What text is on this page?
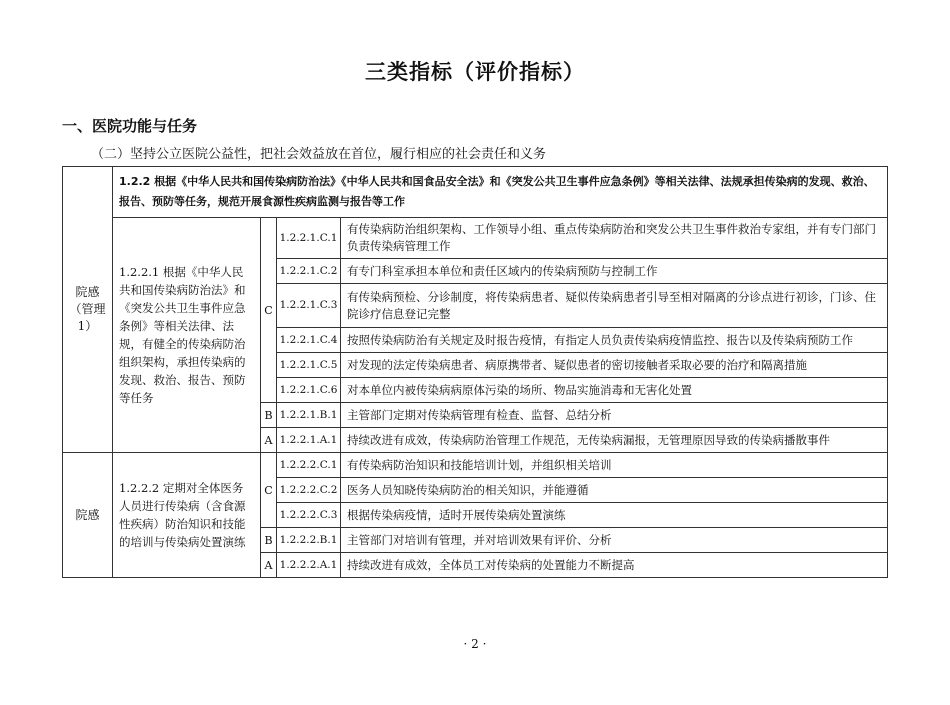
三类指标（评价指标）
一、医院功能与任务
（二）坚持公立医院公益性，把社会效益放在首位，履行相应的社会责任和义务
院感（管理1）	1.2.2 根据《中华人民共和国传染病防治法》《中华人民共和国食品安全法》和《突发公共卫生事件应急条例》等相关法律、法规承担传染病的发现、救治、报告、预防等任务，规范开展食源性疾病监测与报告等工作			
	1.2.2.1 根据《中华人民共和国传染病防治法》和《突发公共卫生事件应急条例》等相关法律、法规，有健全的传染病防治组织架构，承担传染病的发现、救治、报告、预防等任务	C	1.2.2.1.C.1	有传染病防治组织架构、工作领导小组、重点传染病防治和突发公共卫生事件救治专家组，并有专门部门负责传染病管理工作
			1.2.2.1.C.2	有专门科室承担本单位和责任区域内的传染病预防与控制工作
			1.2.2.1.C.3	有传染病预检、分诊制度，将传染病患者、疑似传染病患者引导至相对隔离的分诊点进行初诊，门诊、住院诊疗信息登记完整
			1.2.2.1.C.4	按照传染病防治有关规定及时报告疫情，有指定人员负责传染病疫情监控、报告以及传染病预防工作
			1.2.2.1.C.5	对发现的法定传染病患者、病原携带者、疑似患者的密切接触者采取必要的治疗和隔离措施
			1.2.2.1.C.6	对本单位内被传染病病原体污染的场所、物品实施消毒和无害化处置
		B	1.2.2.1.B.1	主管部门定期对传染病管理有检查、监督、总结分析
		A	1.2.2.1.A.1	持续改进有成效，传染病防治管理工作规范，无传染病漏报，无管理原因导致的传染病播散事件
院感	1.2.2.2 定期对全体医务人员进行传染病（含食源性疾病）防治知识和技能的培训与传染病处置演练	C	1.2.2.2.C.1	有传染病防治知识和技能培训计划，并组织相关培训
			1.2.2.2.C.2	医务人员知晓传染病防治的相关知识，并能遵循
			1.2.2.2.C.3	根据传染病疫情，适时开展传染病处置演练
		B	1.2.2.2.B.1	主管部门对培训有管理，并对培训效果有评价、分析
		A	1.2.2.2.A.1	持续改进有成效，全体员工对传染病的处置能力不断提高
· 2 ·
